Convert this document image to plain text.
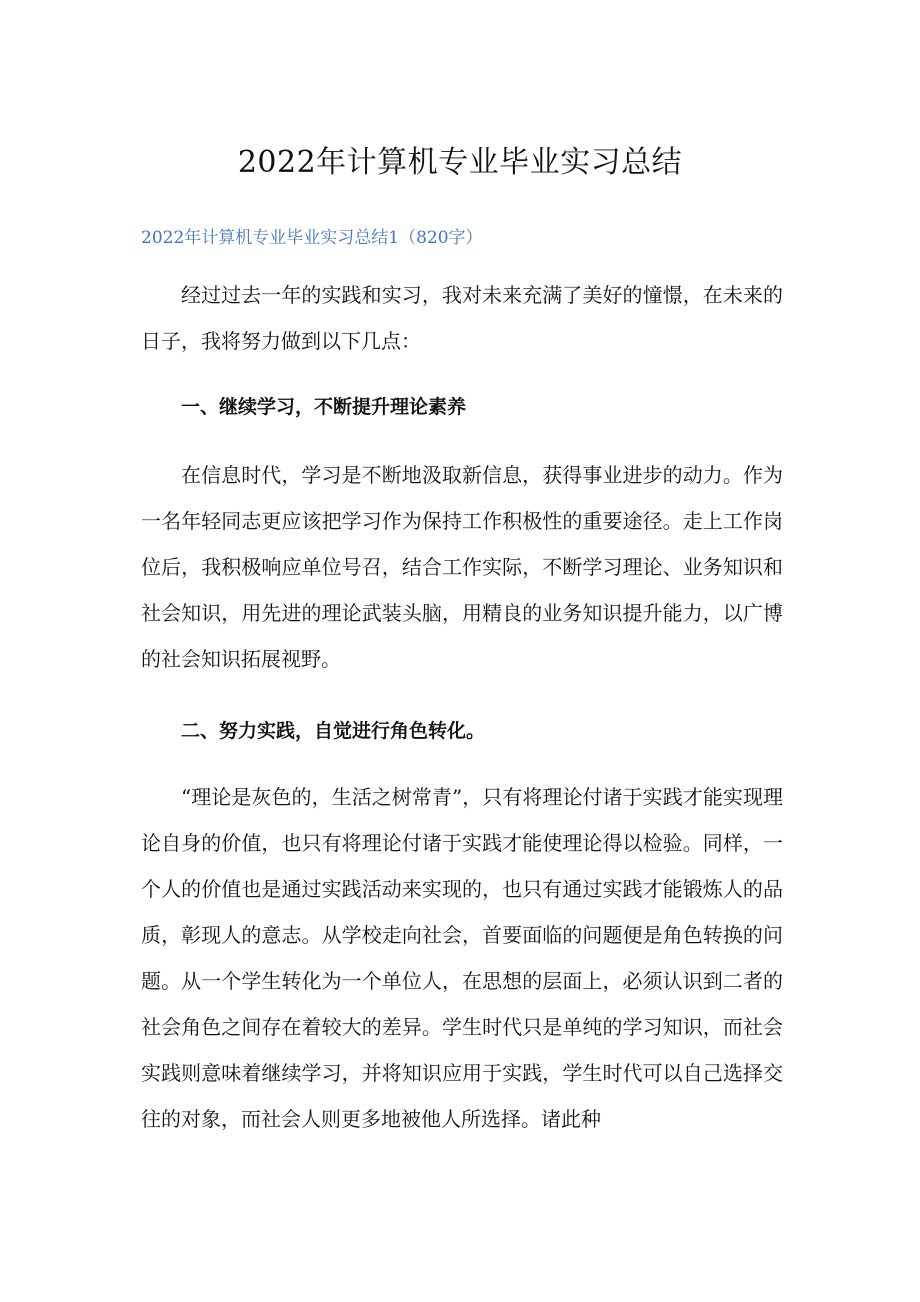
2022年计算机专业毕业实习总结
2022年计算机专业毕业实习总结1（820字）

经过过去一年的实践和实习，我对未来充满了美好的憧憬，在未来的日子，我将努力做到以下几点：

一、继续学习，不断提升理论素养

在信息时代，学习是不断地汲取新信息，获得事业进步的动力。作为一名年轻同志更应该把学习作为保持工作积极性的重要途径。走上工作岗位后，我积极响应单位号召，结合工作实际，不断学习理论、业务知识和社会知识，用先进的理论武装头脑，用精良的业务知识提升能力，以广博的社会知识拓展视野。

二、努力实践，自觉进行角色转化。

“理论是灰色的，生活之树常青”，只有将理论付诸于实践才能实现理论自身的价值，也只有将理论付诸于实践才能使理论得以检验。同样，一个人的价值也是通过实践活动来实现的，也只有通过实践才能锻炼人的品质，彰现人的意志。从学校走向社会，首要面临的问题便是角色转换的问题。从一个学生转化为一个单位人，在思想的层面上，必须认识到二者的社会角色之间存在着较大的差异。学生时代只是单纯的学习知识，而社会实践则意味着继续学习，并将知识应用于实践，学生时代可以自己选择交往的对象，而社会人则更多地被他人所选择。诸此种
